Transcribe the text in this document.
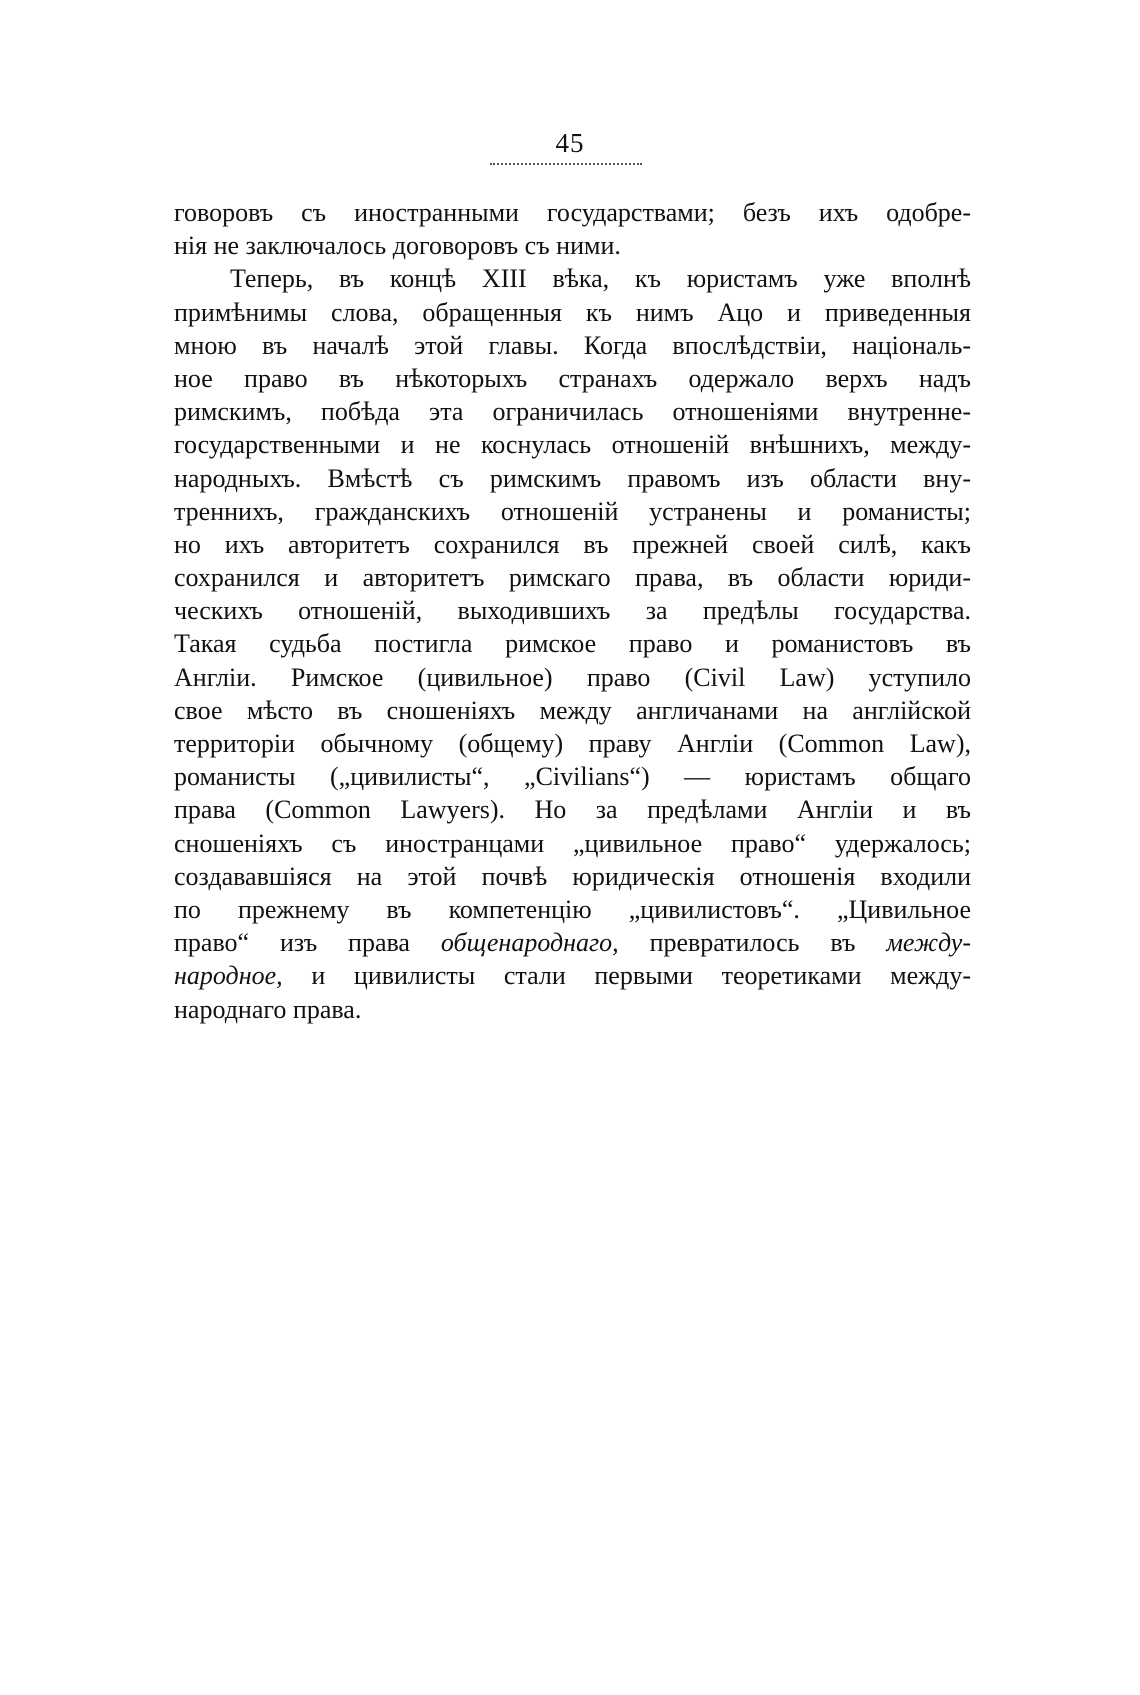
45
говоровъ съ иностранными государствами; безъ ихъ одобре-
нія не заключалось договоровъ съ ними.
Теперь, въ концѣ XIII вѣка, къ юристамъ уже вполнѣ
примѣнимы слова, обращенныя къ нимъ Ацо и приведенныя
мною въ началѣ этой главы. Когда впослѣдствіи, національ-
ное право въ нѣкоторыхъ странахъ одержало верхъ надъ
римскимъ, побѣда эта ограничилась отношеніями внутренне-
государственными и не коснулась отношеній внѣшнихъ, между-
народныхъ. Вмѣстѣ съ римскимъ правомъ изъ области вну-
треннихъ, гражданскихъ отношеній устранены и романисты;
но ихъ авторитетъ сохранился въ прежней своей силѣ, какъ
сохранился и авторитетъ римскаго права, въ области юриди-
ческихъ отношеній, выходившихъ за предѣлы государства.
Такая судьба постигла римское право и романистовъ въ
Англіи. Римское (цивильное) право (Civil Law) уступило
свое мѣсто въ сношеніяхъ между англичанами на англійской
территоріи обычному (общему) праву Англіи (Common Law),
романисты („цивилисты“, „Civilians“) — юристамъ общаго
права (Common Lawyers). Но за предѣлами Англіи и въ
сношеніяхъ съ иностранцами „цивильное право“ удержалось;
создававшіяся на этой почвѣ юридическія отношенія входили
по прежнему въ компетенцію „цивилистовъ“. „Цивильное
право“ изъ права общенароднаго, превратилось въ между-
народное, и цивилисты стали первыми теоретиками между-
народнаго права.
